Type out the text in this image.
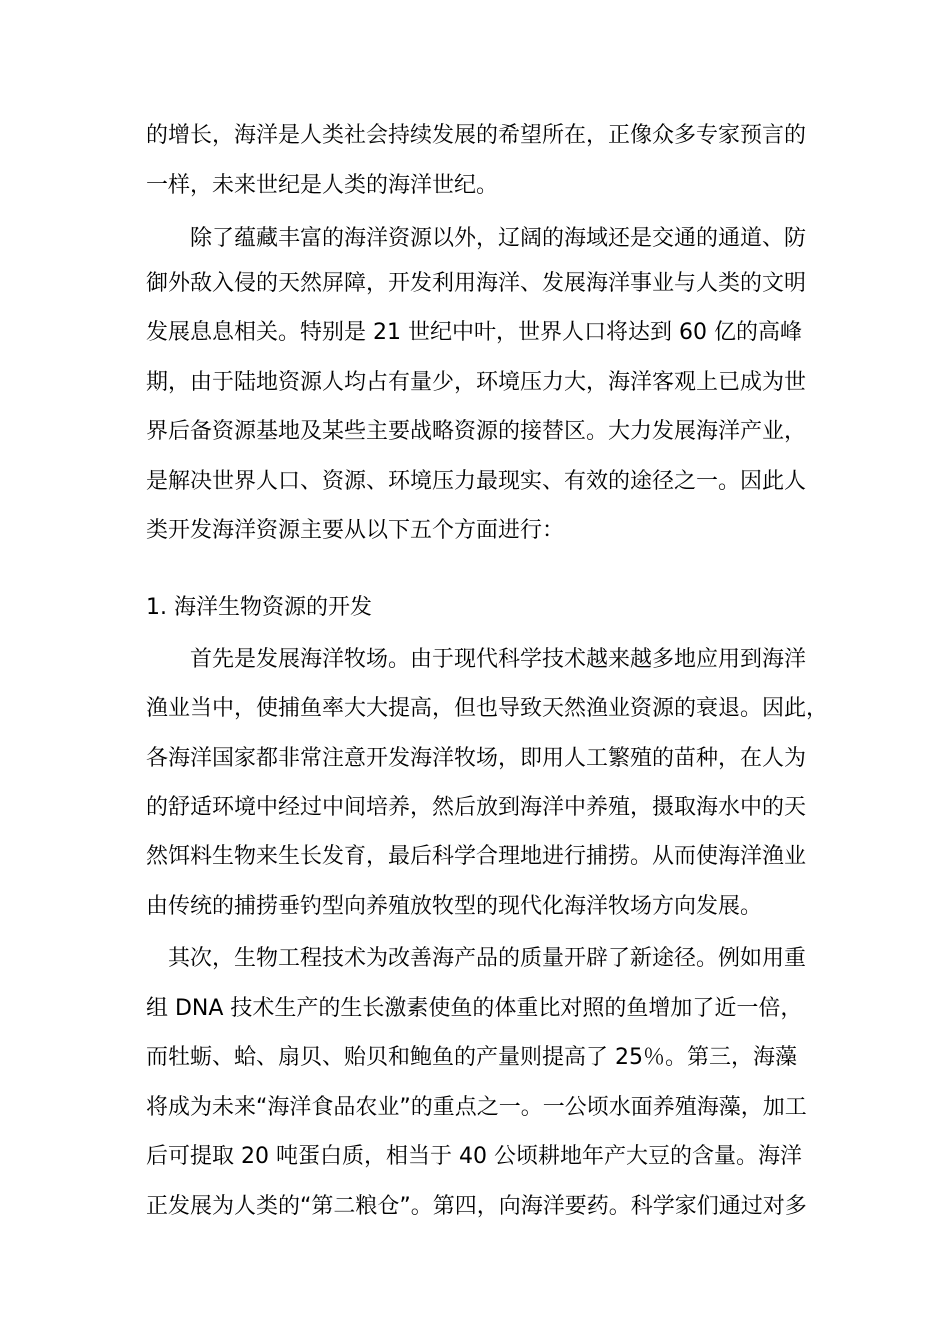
的增长，海洋是人类社会持续发展的希望所在，正像众多专家预言的
一样，未来世纪是人类的海洋世纪。
除了蕴藏丰富的海洋资源以外，辽阔的海域还是交通的通道、防
御外敌入侵的天然屏障，开发利用海洋、发展海洋事业与人类的文明
发展息息相关。特别是 21 世纪中叶，世界人口将达到 60 亿的高峰
期，由于陆地资源人均占有量少，环境压力大，海洋客观上已成为世
界后备资源基地及某些主要战略资源的接替区。大力发展海洋产业，
是解决世界人口、资源、环境压力最现实、有效的途径之一。因此人
类开发海洋资源主要从以下五个方面进行：
1. 海洋生物资源的开发
首先是发展海洋牧场。由于现代科学技术越来越多地应用到海洋
渔业当中，使捕鱼率大大提高，但也导致天然渔业资源的衰退。因此，
各海洋国家都非常注意开发海洋牧场，即用人工繁殖的苗种，在人为
的舒适环境中经过中间培养，然后放到海洋中养殖，摄取海水中的天
然饵料生物来生长发育，最后科学合理地进行捕捞。从而使海洋渔业
由传统的捕捞垂钓型向养殖放牧型的现代化海洋牧场方向发展。
其次，生物工程技术为改善海产品的质量开辟了新途径。例如用重
组 DNA 技术生产的生长激素使鱼的体重比对照的鱼增加了近一倍，
而牡蛎、蛤、扇贝、贻贝和鲍鱼的产量则提高了 25％。第三，海藻
将成为未来“海洋食品农业”的重点之一。一公顷水面养殖海藻，加工
后可提取 20 吨蛋白质，相当于 40 公顷耕地年产大豆的含量。海洋
正发展为人类的“第二粮仓”。第四，向海洋要药。科学家们通过对多
